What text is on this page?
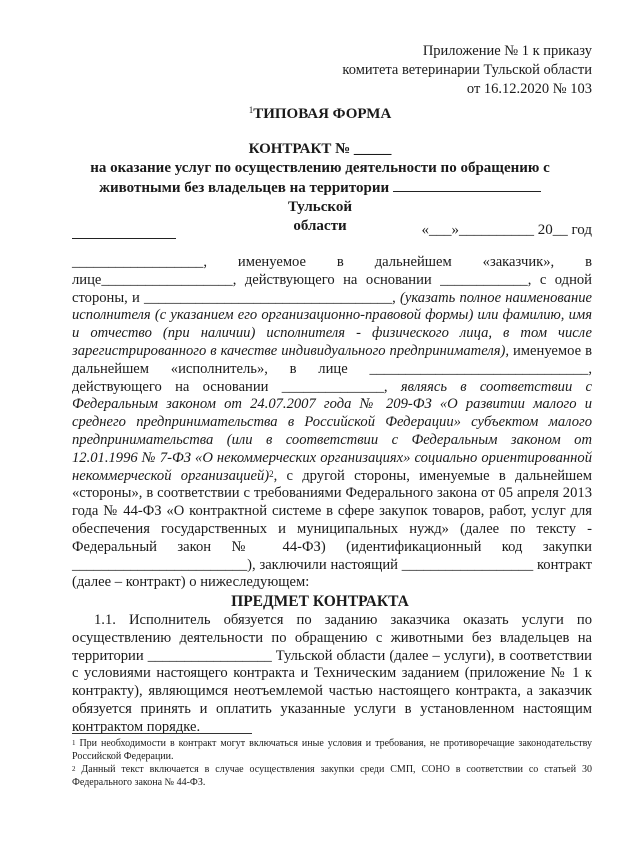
Приложение № 1 к приказу
комитета ветеринарии Тульской области
от 16.12.2020 № 103
$^1$ТИПОВАЯ ФОРМА
КОНТРАКТ № _____
на оказание услуг по осуществлению деятельности по обращению с
животными без владельцев на территории  Тульской
области	«___»__________ 20__ год

__________________, именуемое в дальнейшем «заказчик», в лице__________________, действующего на основании ____________, с одной стороны, и __________________________________, (указать полное наименование исполнителя (с указанием его организационно-правовой формы) или фамилию, имя и отчество (при наличии) исполнителя - физического лица, в том числе зарегистрированного в качестве индивидуального предпринимателя), именуемое в дальнейшем «исполнитель», в лице ______________________________, действующего на основании ______________, являясь в соответствии с Федеральным законом от 24.07.2007 года № 209-ФЗ «О развитии малого и среднего предпринимательства в Российской Федерации» субъектом малого предпринимательства (или в соответствии с Федеральным законом от 12.01.1996 № 7-ФЗ «О некоммерческих организациях» социально ориентированной некоммерческой организацией)$^2$, с другой стороны, именуемые в дальнейшем «стороны», в соответствии с требованиями Федерального закона от 05 апреля 2013 года № 44-ФЗ «О контрактной системе в сфере закупок товаров, работ, услуг для обеспечения государственных и муниципальных нужд» (далее по тексту - Федеральный закон № 44-ФЗ) (идентификационный код закупки ________________________), заключили настоящий __________________ контракт (далее – контракт) о нижеследующем:

ПРЕДМЕТ КОНТРАКТА
1.1. Исполнитель обязуется по заданию заказчика оказать услуги по осуществлению деятельности по обращению с животными без владельцев на территории _________________ Тульской области (далее – услуги), в соответствии с условиями настоящего контракта и Техническим заданием (приложение № 1 к контракту), являющимся неотъемлемой частью настоящего контракта, а заказчик обязуется принять и оплатить указанные услуги в установленном настоящим контрактом порядке.

$^1$ При необходимости в контракт могут включаться иные условия и требования, не противоречащие законодательству Российской Федерации.

$^2$ Данный текст включается в случае осуществления закупки среди СМП, СОНО в соответствии со статьей 30 Федерального закона № 44-ФЗ.
